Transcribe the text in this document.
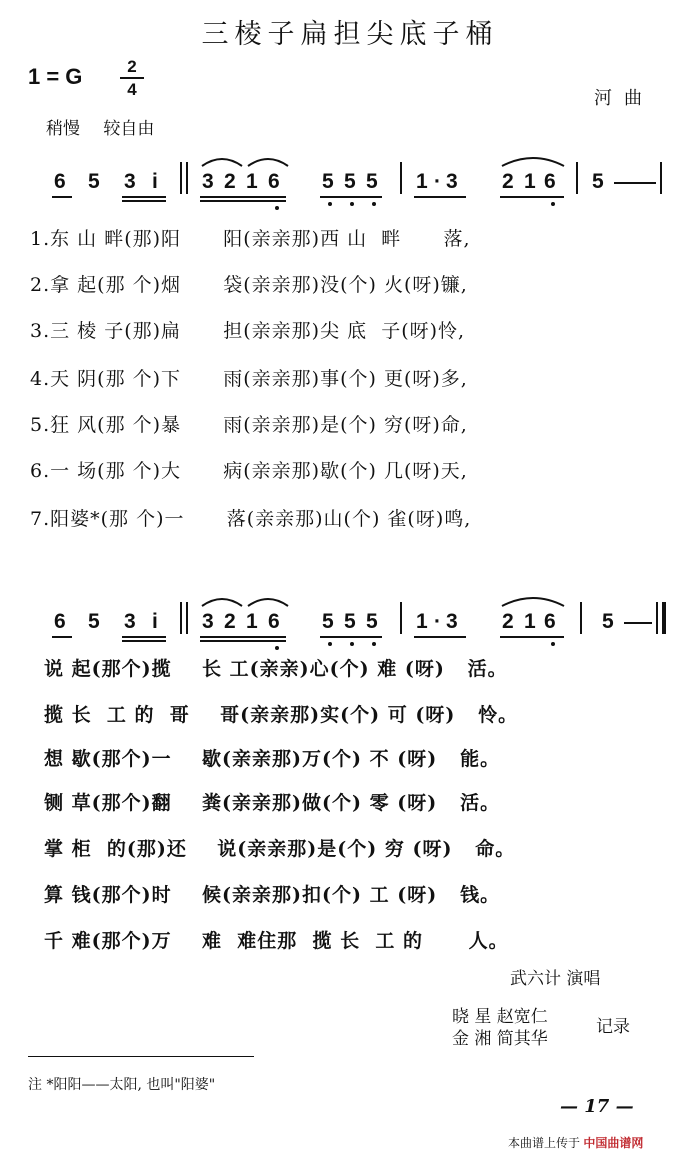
三棱子扁担尖底子桶
1 = G	2
4	河曲
稍慢 较自由
6 5 3 i 3 2 1 6 5 5 5 1 · 3 2 1 6 5
1.东 山 畔(那)阳      阳(亲亲那)西 山  畔      落,
2.拿 起(那 个)烟      袋(亲亲那)没(个) 火(呀)镰,
3.三 棱 子(那)扁      担(亲亲那)尖 底  子(呀)怜,
4.天 阴(那 个)下      雨(亲亲那)事(个) 更(呀)多,
5.狂 风(那 个)暴      雨(亲亲那)是(个) 穷(呀)命,
6.一 场(那 个)大      病(亲亲那)歇(个) 几(呀)天,
7.阳婆*(那 个)一      落(亲亲那)山(个) 雀(呀)鸣,
6 5 3 i 3 2 1 6 5 5 5 1 · 3 2 1 6 5
说 起(那个)揽    长 工(亲亲)心(个) 难 (呀)   活。
揽 长  工 的  哥    哥(亲亲那)实(个) 可 (呀)   怜。
想 歇(那个)一    歇(亲亲那)万(个) 不 (呀)   能。
铡 草(那个)翻    粪(亲亲那)做(个) 零 (呀)   活。
掌 柜  的(那)还    说(亲亲那)是(个) 穷 (呀)   命。
算 钱(那个)时    候(亲亲那)扣(个) 工 (呀)   钱。
千 难(那个)万    难  难住那  揽 长  工 的      人。
武六计 演唱
晓 星 赵宽仁
金 湘 简其华
记录
注 *阳阳——太阳, 也叫"阳婆"
— 17 —
本曲谱上传于 中国曲谱网
